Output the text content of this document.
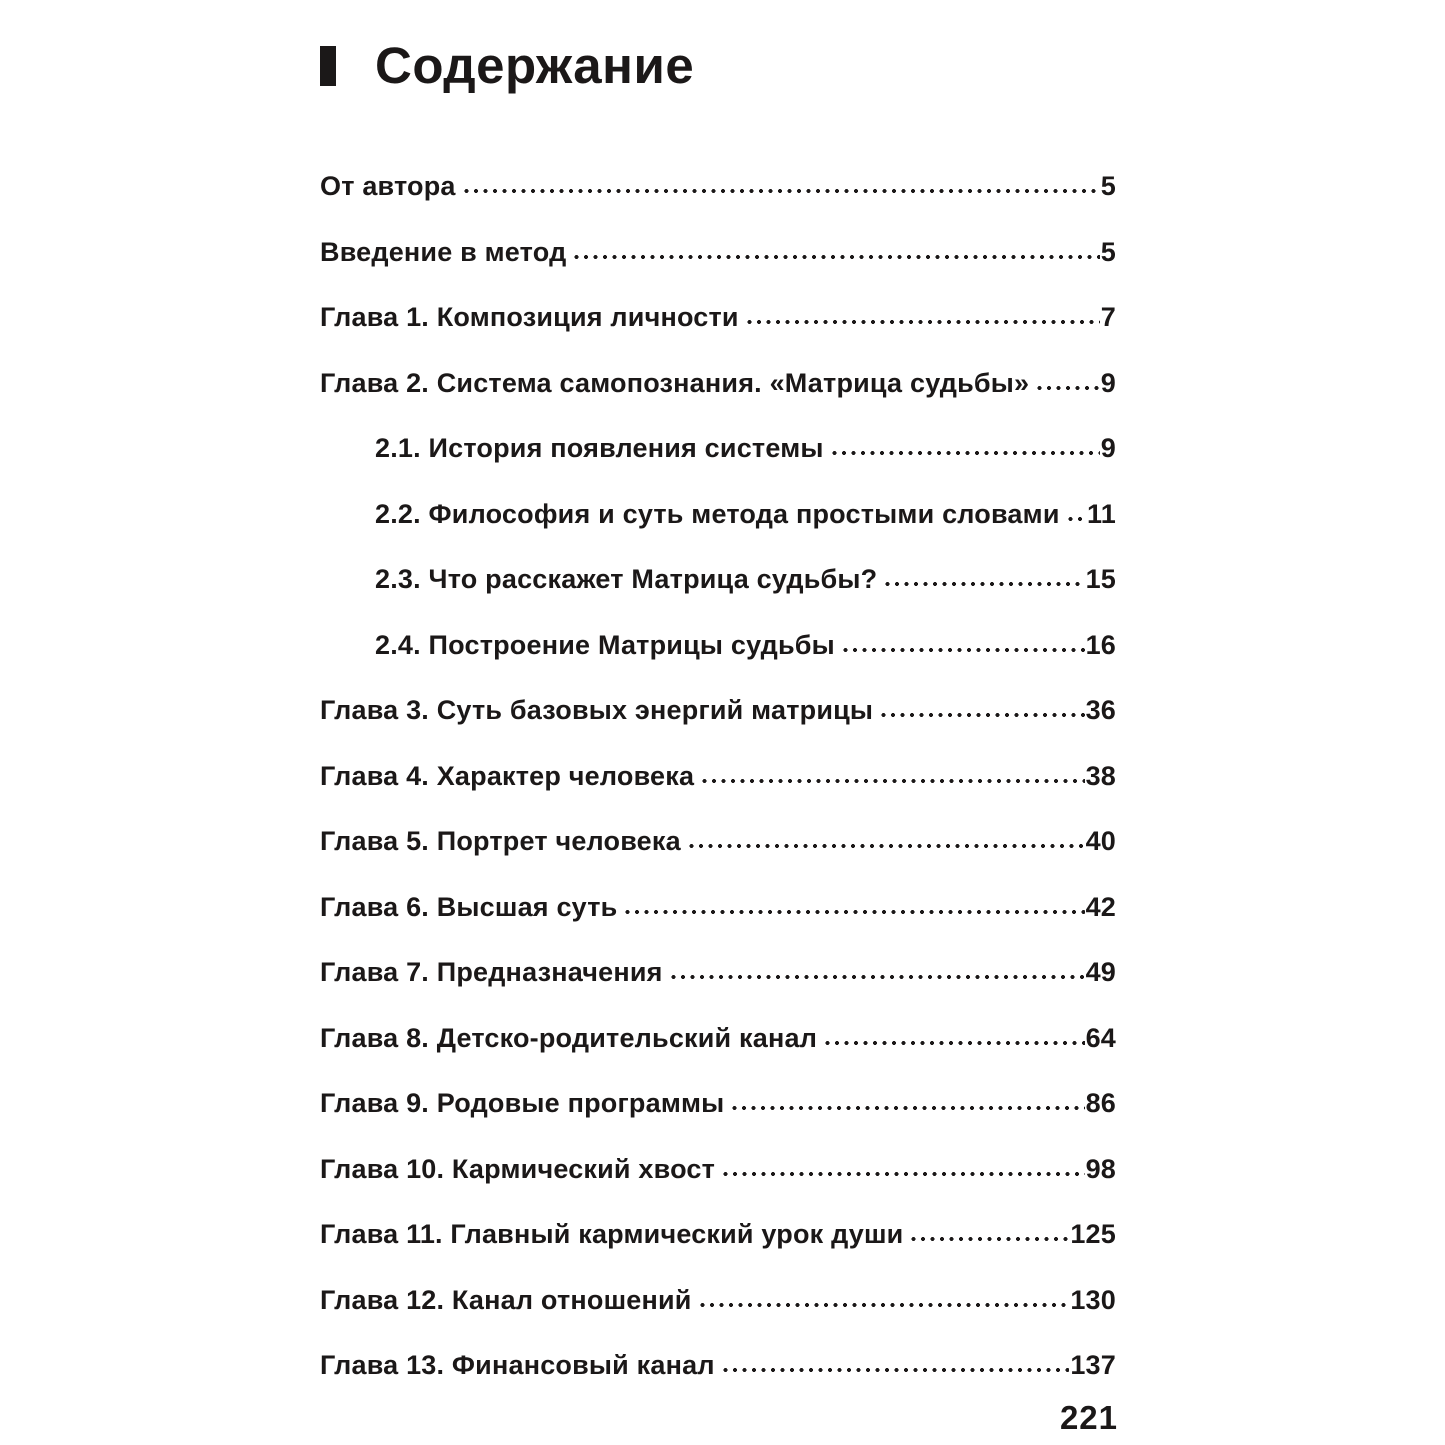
Содержание
От автора	5
Введение в метод	5
Глава 1. Композиция личности	7
Глава 2. Система самопознания. «Матрица судьбы»	9
2.1. История появления системы	9
2.2. Философия и суть метода простыми словами 11
2.3. Что расскажет Матрица судьбы?	15
2.4. Построение Матрицы судьбы	16
Глава 3. Суть базовых энергий матрицы	36
Глава 4. Характер человека	38
Глава 5. Портрет человека	40
Глава 6. Высшая суть	42
Глава 7. Предназначения	49
Глава 8. Детско-родительский канал	64
Глава 9. Родовые программы	86
Глава 10. Кармический хвост	98
Глава 11. Главный кармический урок души	125
Глава 12. Канал отношений	130
Глава 13. Финансовый канал	137
221
